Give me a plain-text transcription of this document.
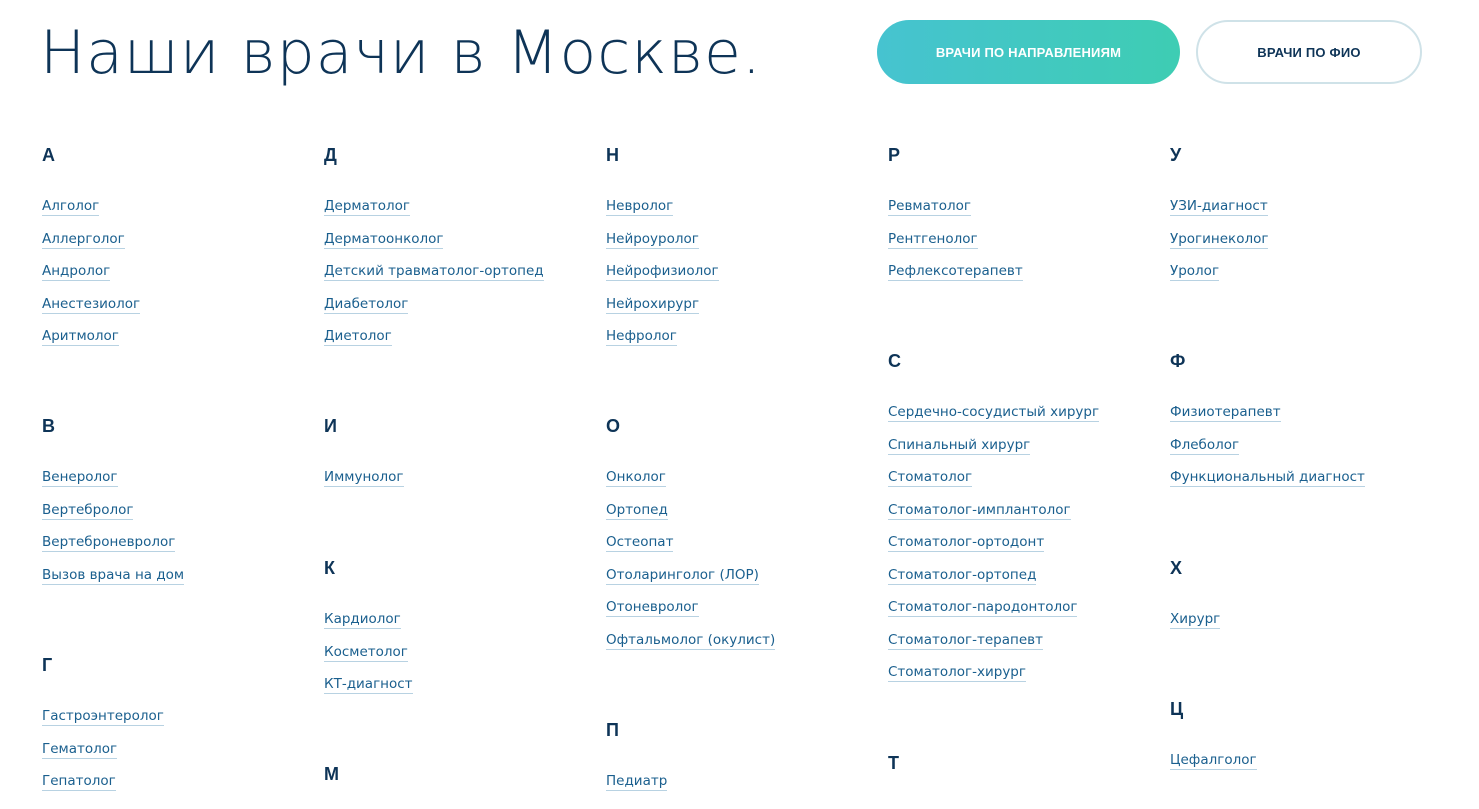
Наши врачи в Москве.	ВРАЧИ ПО НАПРАВЛЕНИЯМ	ВРАЧИ ПО ФИО
А
Алголог
Аллерголог
Андролог
Анестезиолог
Аритмолог
В
Венеролог
Вертебролог
Вертеброневролог
Вызов врача на дом
Г
Гастроэнтеролог
Гематолог
Гепатолог
Д
Дерматолог
Дерматоонколог
Детский травматолог-ортопед
Диабетолог
Диетолог
И
Иммунолог
К
Кардиолог
Косметолог
КТ-диагност
М
Н
Невролог
Нейроуролог
Нейрофизиолог
Нейрохирург
Нефролог
О
Онколог
Ортопед
Остеопат
Отоларинголог (ЛОР)
Отоневролог
Офтальмолог (окулист)
П
Педиатр
Р
Ревматолог
Рентгенолог
Рефлексотерапевт
С
Сердечно-сосудистый хирург
Спинальный хирург
Стоматолог
Стоматолог-имплантолог
Стоматолог-ортодонт
Стоматолог-ортопед
Стоматолог-пародонтолог
Стоматолог-терапевт
Стоматолог-хирург
Т
У
УЗИ-диагност
Урогинеколог
Уролог
Ф
Физиотерапевт
Флеболог
Функциональный диагност
Х
Хирург
Ц
Цефалголог
